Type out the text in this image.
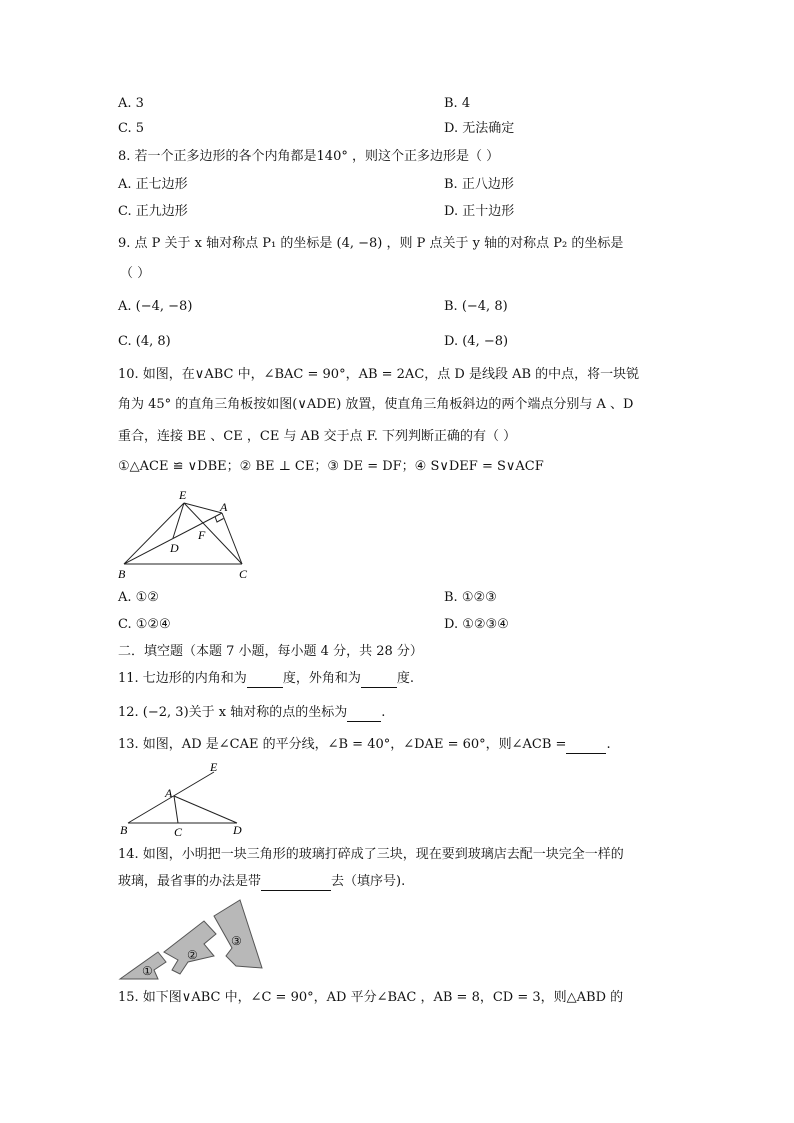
A. 3	B. 4
C. 5	D. 无法确定
8. 若一个正多边形的各个内角都是140° ，则这个正多边形是（ ）
A. 正七边形	B. 正八边形
C. 正九边形	D. 正十边形
9. 点 P 关于 x 轴对称点 P₁ 的坐标是 (4, −8) ，则 P 点关于 y 轴的对称点 P₂ 的坐标是
（ ）
A. (−4, −8)	B. (−4, 8)
C. (4, 8)	D. (4, −8)
10. 如图，在∨ABC 中，∠BAC = 90°，AB = 2AC，点 D 是线段 AB 的中点，将一块锐
角为 45° 的直角三角板按如图(∨ADE) 放置，使直角三角板斜边的两个端点分别与 A 、D
重合，连接 BE 、CE ，CE 与 AB 交于点 F. 下列判断正确的有（ ）
①△ACE ≌ ∨DBE；② BE ⊥ CE；③ DE = DF；④ S∨DEF = S∨ACF
E
A
D
F
B	C
A. ①②	B. ①②③
C. ①②④	D. ①②③④
二．填空题（本题 7 小题，每小题 4 分，共 28 分）
11. 七边形的内角和为	度，外角和为	度.
12. (−2, 3)关于 x 轴对称的点的坐标为	.
13. 如图，AD 是∠CAE 的平分线，∠B = 40°，∠DAE = 60°，则∠ACB =	.
E
A
B	C	D
14. 如图，小明把一块三角形的玻璃打碎成了三块，现在要到玻璃店去配一块完全一样的
玻璃，最省事的办法是带	去（填序号).
①
②
③
15. 如下图∨ABC 中，∠C = 90°，AD 平分∠BAC ，AB = 8，CD = 3，则△ABD 的
